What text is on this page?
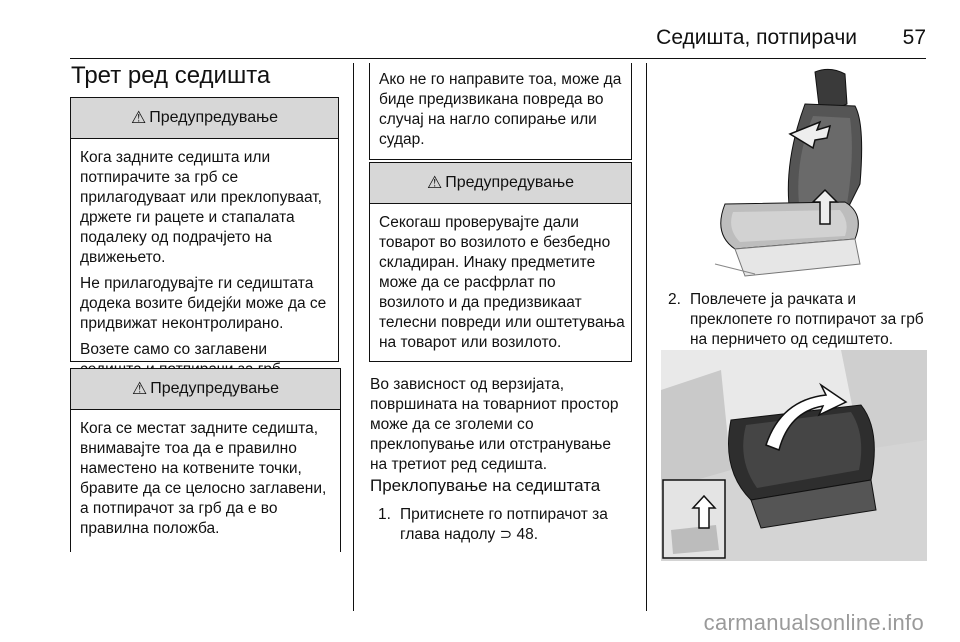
Седишта, потпирачи 57
Трет ред седишта
⚠ Предупредување

Кога задните седишта или потпирачите за грб се прилагодуваат или преклопуваат, држете ги рацете и стапалата подалеку од подрачјето на движењето.

Не прилагодувајте ги седиштата додека возите бидејќи може да се придвижат неконтролирано.

Возете само со заглавени

⚠ Предупредување

Кога се местат задните седишта, внимавајте тоа да е правилно наместено на котвените точки, бравите да се целосно заглавени, а потпирачот за грб да е во правилна положба.

Ако не го направите тоа, може да биде предизвикана повреда во случај на нагло сопирање или судар.
⚠ Предупредување

Секогаш проверувајте дали товарот во возилото е безбедно складиран. Инаку предметите може да се расфрлат по возилото и да предизвикаат телесни повреди или оштетувања на товарот или возилото.

Во зависност од верзијата, површината на товарниот простор може да се зголеми со преклопување или отстранување на третиот ред седишта.
Преклопување на седиштата
1. Притиснете го потпирачот за глава надолу ⊃ 48.
2. Повлечете ја рачката и преклопете го потпирачот за грб на перничето од седиштето.
carmanualsonline.info
